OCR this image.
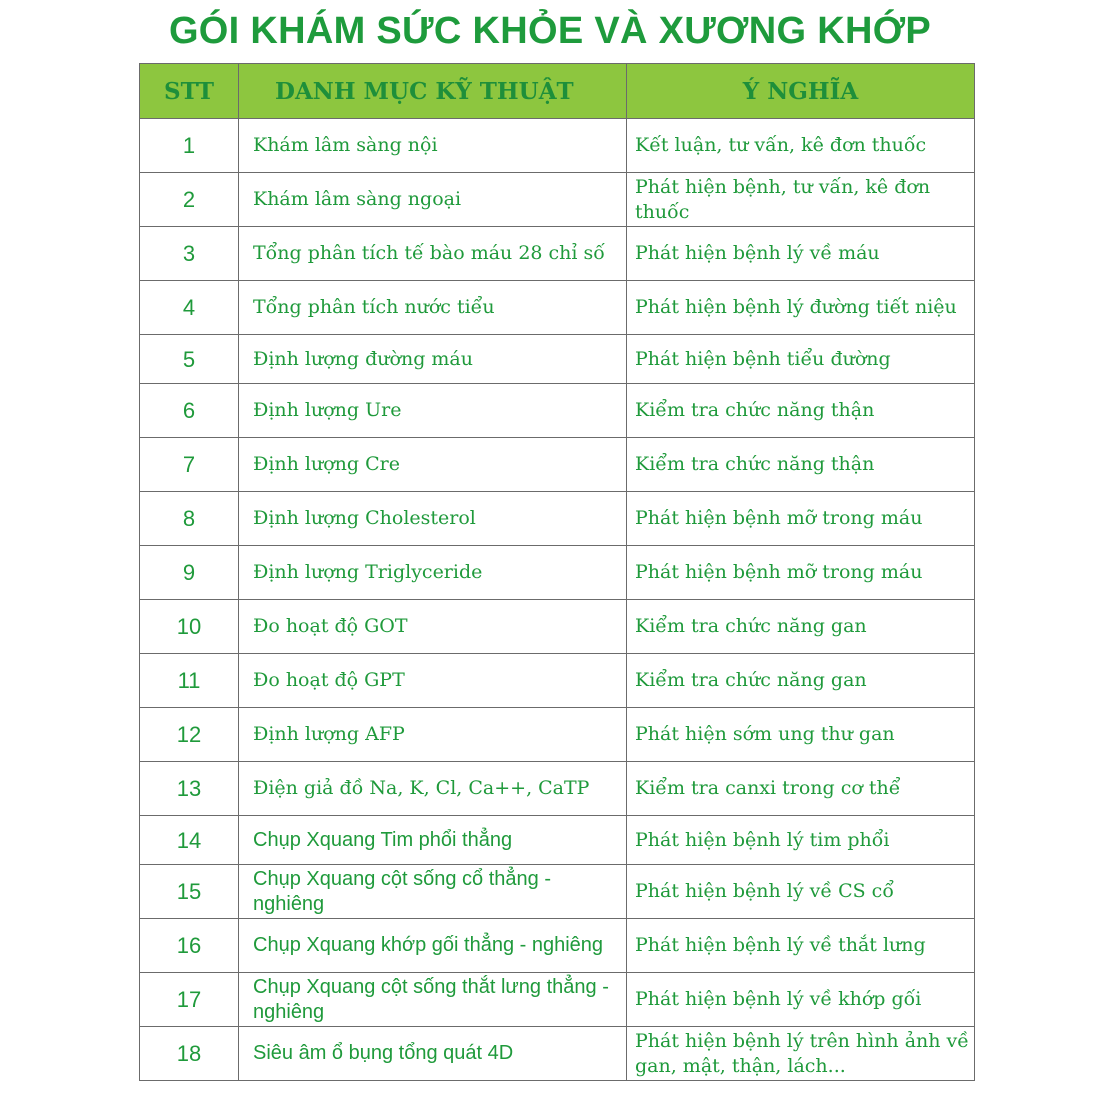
GÓI KHÁM SỨC KHỎE VÀ XƯƠNG KHỚP
STT	DANH MỤC KỸ THUẬT	Ý NGHĨA
1	Khám lâm sàng nội	Kết luận, tư vấn, kê đơn thuốc
2	Khám lâm sàng ngoại	Phát hiện bệnh, tư vấn, kê đơn thuốc
3	Tổng phân tích tế bào máu 28 chỉ số	Phát hiện bệnh lý về máu
4	Tổng phân tích nước tiểu	Phát hiện bệnh lý đường tiết niệu
5	Định lượng đường máu	Phát hiện bệnh tiểu đường
6	Định lượng Ure	Kiểm tra chức năng thận
7	Định lượng Cre	Kiểm tra chức năng thận
8	Định lượng Cholesterol	Phát hiện bệnh mỡ trong máu
9	Định lượng Triglyceride	Phát hiện bệnh mỡ trong máu
10	Đo hoạt độ GOT	Kiểm tra chức năng gan
11	Đo hoạt độ GPT	Kiểm tra chức năng gan
12	Định lượng AFP	Phát hiện sớm ung thư gan
13	Điện giả đồ Na, K, Cl, Ca++, CaTP	Kiểm tra canxi trong cơ thể
14	Chụp Xquang Tim phổi thẳng	Phát hiện bệnh lý tim phổi
15	Chụp Xquang cột sống cổ thẳng - nghiêng	Phát hiện bệnh lý về CS cổ
16	Chụp Xquang khớp gối thẳng - nghiêng	Phát hiện bệnh lý về thắt lưng
17	Chụp Xquang cột sống thắt lưng thẳng - nghiêng	Phát hiện bệnh lý về khớp gối
18	Siêu âm ổ bụng tổng quát 4D	Phát hiện bệnh lý trên hình ảnh về gan, mật, thận, lách...
